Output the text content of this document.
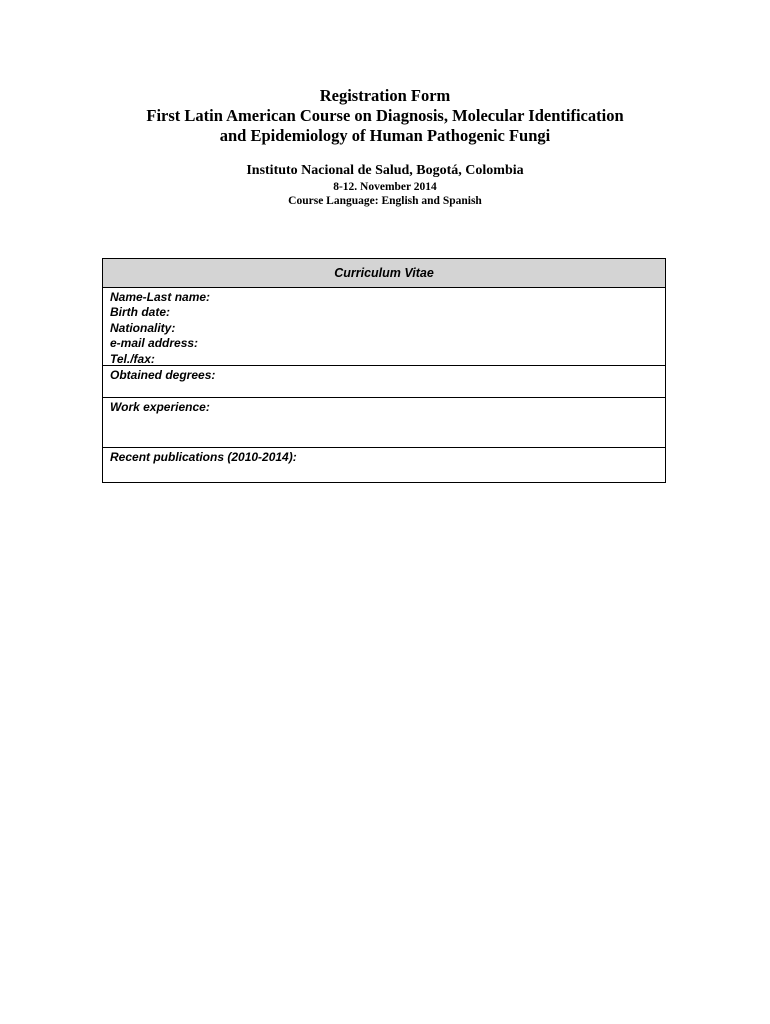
Registration Form

First Latin American Course on Diagnosis, Molecular Identification

and Epidemiology of Human Pathogenic Fungi

Instituto Nacional de Salud, Bogotá, Colombia
8-12. November 2014
Course Language: English and Spanish
Curriculum Vitae
Name-Last name:
Birth date:
Nationality:
e-mail address:
Tel./fax:
Obtained degrees:
Work experience:
Recent publications (2010-2014):
